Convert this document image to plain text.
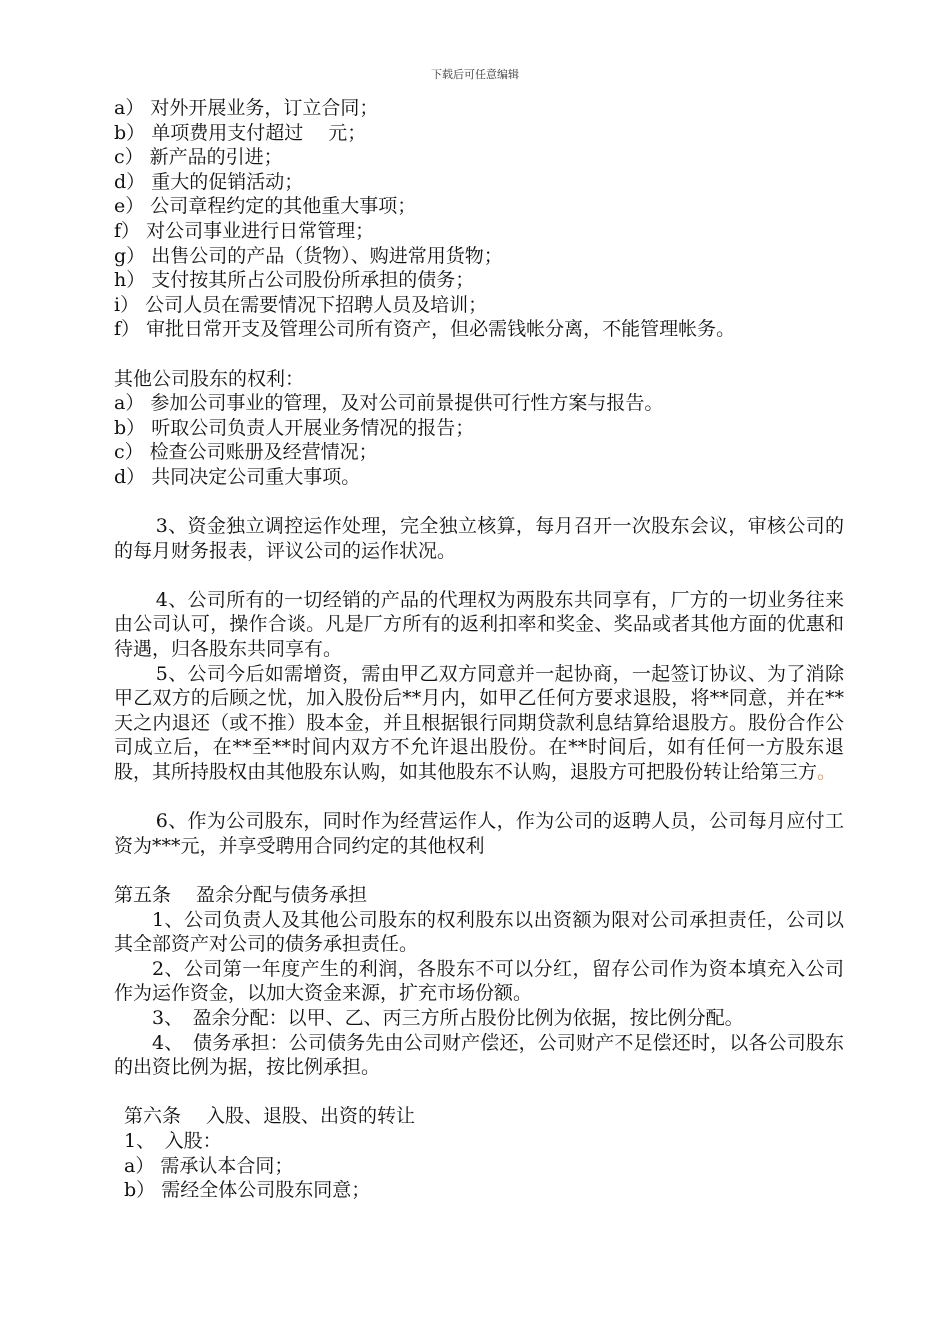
下载后可任意编辑
a） 对外开展业务，订立合同；
b） 单项费用支付超过　 元；
c） 新产品的引进；
d） 重大的促销活动；
e） 公司章程约定的其他重大事项；
f） 对公司事业进行日常管理；
g） 出售公司的产品（货物）、购进常用货物；
h） 支付按其所占公司股份所承担的债务；
i） 公司人员在需要情况下招聘人员及培训；
f） 审批日常开支及管理公司所有资产，但必需钱帐分离，不能管理帐务。
其他公司股东的权利：
a） 参加公司事业的管理，及对公司前景提供可行性方案与报告。
b） 听取公司负责人开展业务情况的报告；
c） 检查公司账册及经营情况；
d） 共同决定公司重大事项。
3、资金独立调控运作处理，完全独立核算，每月召开一次股东会议，审核公司的的每月财务报表，评议公司的运作状况。
4、公司所有的一切经销的产品的代理权为两股东共同享有，厂方的一切业务往来由公司认可，操作合谈。凡是厂方所有的返利扣率和奖金、奖品或者其他方面的优惠和待遇，归各股东共同享有。
5、公司今后如需增资，需由甲乙双方同意并一起协商，一起签订协议、为了消除甲乙双方的后顾之忧，加入股份后**月内，如甲乙任何方要求退股，将**同意，并在**天之内退还（或不推）股本金，并且根据银行同期贷款利息结算给退股方。股份合作公司成立后，在**至**时间内双方不允许退出股份。在**时间后，如有任何一方股东退股，其所持股权由其他股东认购，如其他股东不认购，退股方可把股份转让给第三方。
6、作为公司股东，同时作为经营运作人，作为公司的返聘人员，公司每月应付工资为***元，并享受聘用合同约定的其他权利
第五条　 盈余分配与债务承担
1、公司负责人及其他公司股东的权利股东以出资额为限对公司承担责任，公司以其全部资产对公司的债务承担责任。
2、公司第一年度产生的利润，各股东不可以分红，留存公司作为资本填充入公司作为运作资金，以加大资金来源，扩充市场份额。
3、　盈余分配：以甲、乙、丙三方所占股份比例为依据，按比例分配。
4、　债务承担：公司债务先由公司财产偿还，公司财产不足偿还时，以各公司股东的出资比例为据，按比例承担。
第六条　 入股、退股、出资的转让
1、　入股：
a） 需承认本合同；
b） 需经全体公司股东同意；
